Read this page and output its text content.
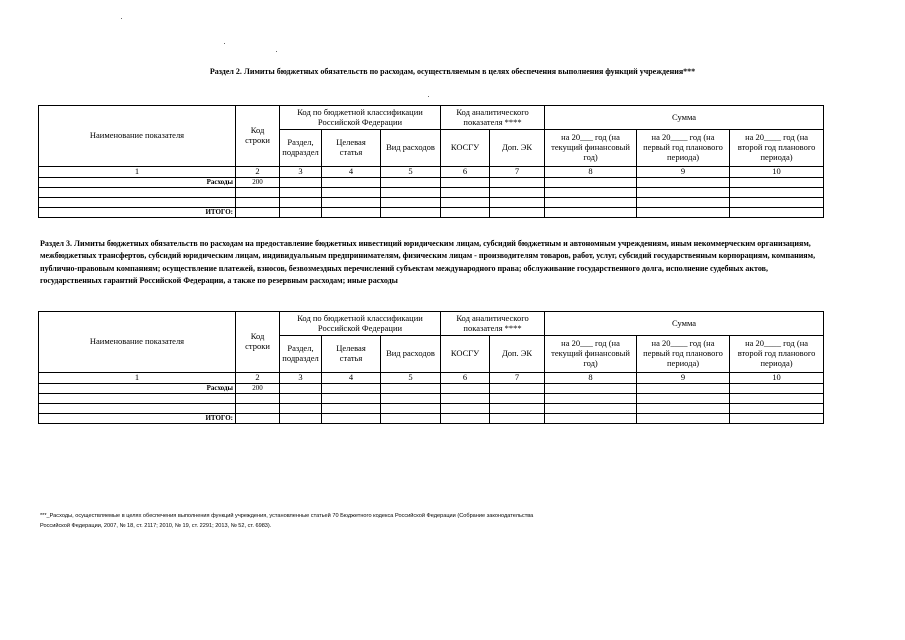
Раздел 2. Лимиты бюджетных обязательств по расходам, осуществляемым в целях обеспечения выполнения функций учреждения***
Наименование показателя	Код строки	Код по бюджетной классификации Российской Федерации			Код аналитического показателя ****		Сумма		
		Раздел, подраздел	Целевая статья	Вид расходов	КОСГУ	Доп. ЭК	на 20___ год (на текущий финансовый год)	на 20____ год (на первый год планового периода)	на 20____ год (на второй год планового периода)
1	2	3	4	5	6	7	8	9	10
Расходы	200								

ИТОГО:									
Раздел 3. Лимиты бюджетных обязательств по расходам на предоставление бюджетных инвестиций юридическим лицам, субсидий бюджетным и автономным учреждениям, иным некоммерческим организациям, межбюджетных трансфертов, субсидий юридическим лицам, индивидуальным предпринимателям, физическим лицам - производителям товаров, работ, услуг, субсидий государственным корпорациям, компаниям, публично-правовым компаниям; осуществление платежей, взносов, безвозмездных перечислений субъектам международного права; обслуживание государственного долга, исполнение судебных актов, государственных гарантий Российской Федерации, а также по резервным расходам; иные расходы
Наименование показателя	Код строки	Код по бюджетной классификации Российской Федерации			Код аналитического показателя ****		Сумма		
		Раздел, подраздел	Целевая статья	Вид расходов	КОСГУ	Доп. ЭК	на 20___ год (на текущий финансовый год)	на 20____ год (на первый год планового периода)	на 20____ год (на второй год планового периода)
1	2	3	4	5	6	7	8	9	10
Расходы	200								

ИТОГО:									
***_Расходы, осуществляемые в целях обеспечения выполнения функций учреждения, установленные статьей 70 Бюджетного кодекса Российской Федерации (Собрание законодательства
Российской Федерации, 2007, № 18, ст. 2117; 2010, № 19, ст. 2291; 2013, № 52, ст. 6983).
